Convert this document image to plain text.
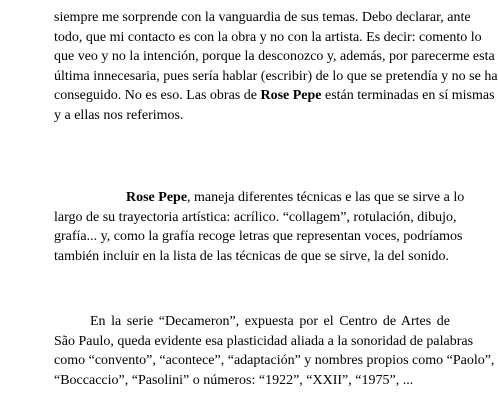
siempre me sorprende con la vanguardia de sus temas. Debo declarar, ante
todo, que mi contacto es con la obra y no con la artista. Es decir: comento lo
que veo y no la intención, porque la desconozco y, además, por parecerme esta
última innecesaria, pues sería hablar (escribir) de lo que se pretendía y no se ha
conseguido. No es eso. Las obras de Rose Pepe están terminadas en sí mismas
y a ellas nos referimos.
Rose Pepe, maneja diferentes técnicas e las que se sirve a lo
largo de su trayectoria artística: acrílico. “collagem”, rotulación, dibujo,
grafía... y, como la grafía recoge letras que representan voces, podríamos
también incluir en la lista de las técnicas de que se sirve, la del sonido.
En la serie “Decameron”, expuesta por el Centro de Artes de
São Paulo, queda evidente esa plasticidad aliada a la sonoridad de palabras
como “convento”, “acontece”, “adaptación” y nombres propios como “Paolo”,
“Boccaccio”, “Pasolini” o números: “1922”, “XXII”, “1975”, ...
